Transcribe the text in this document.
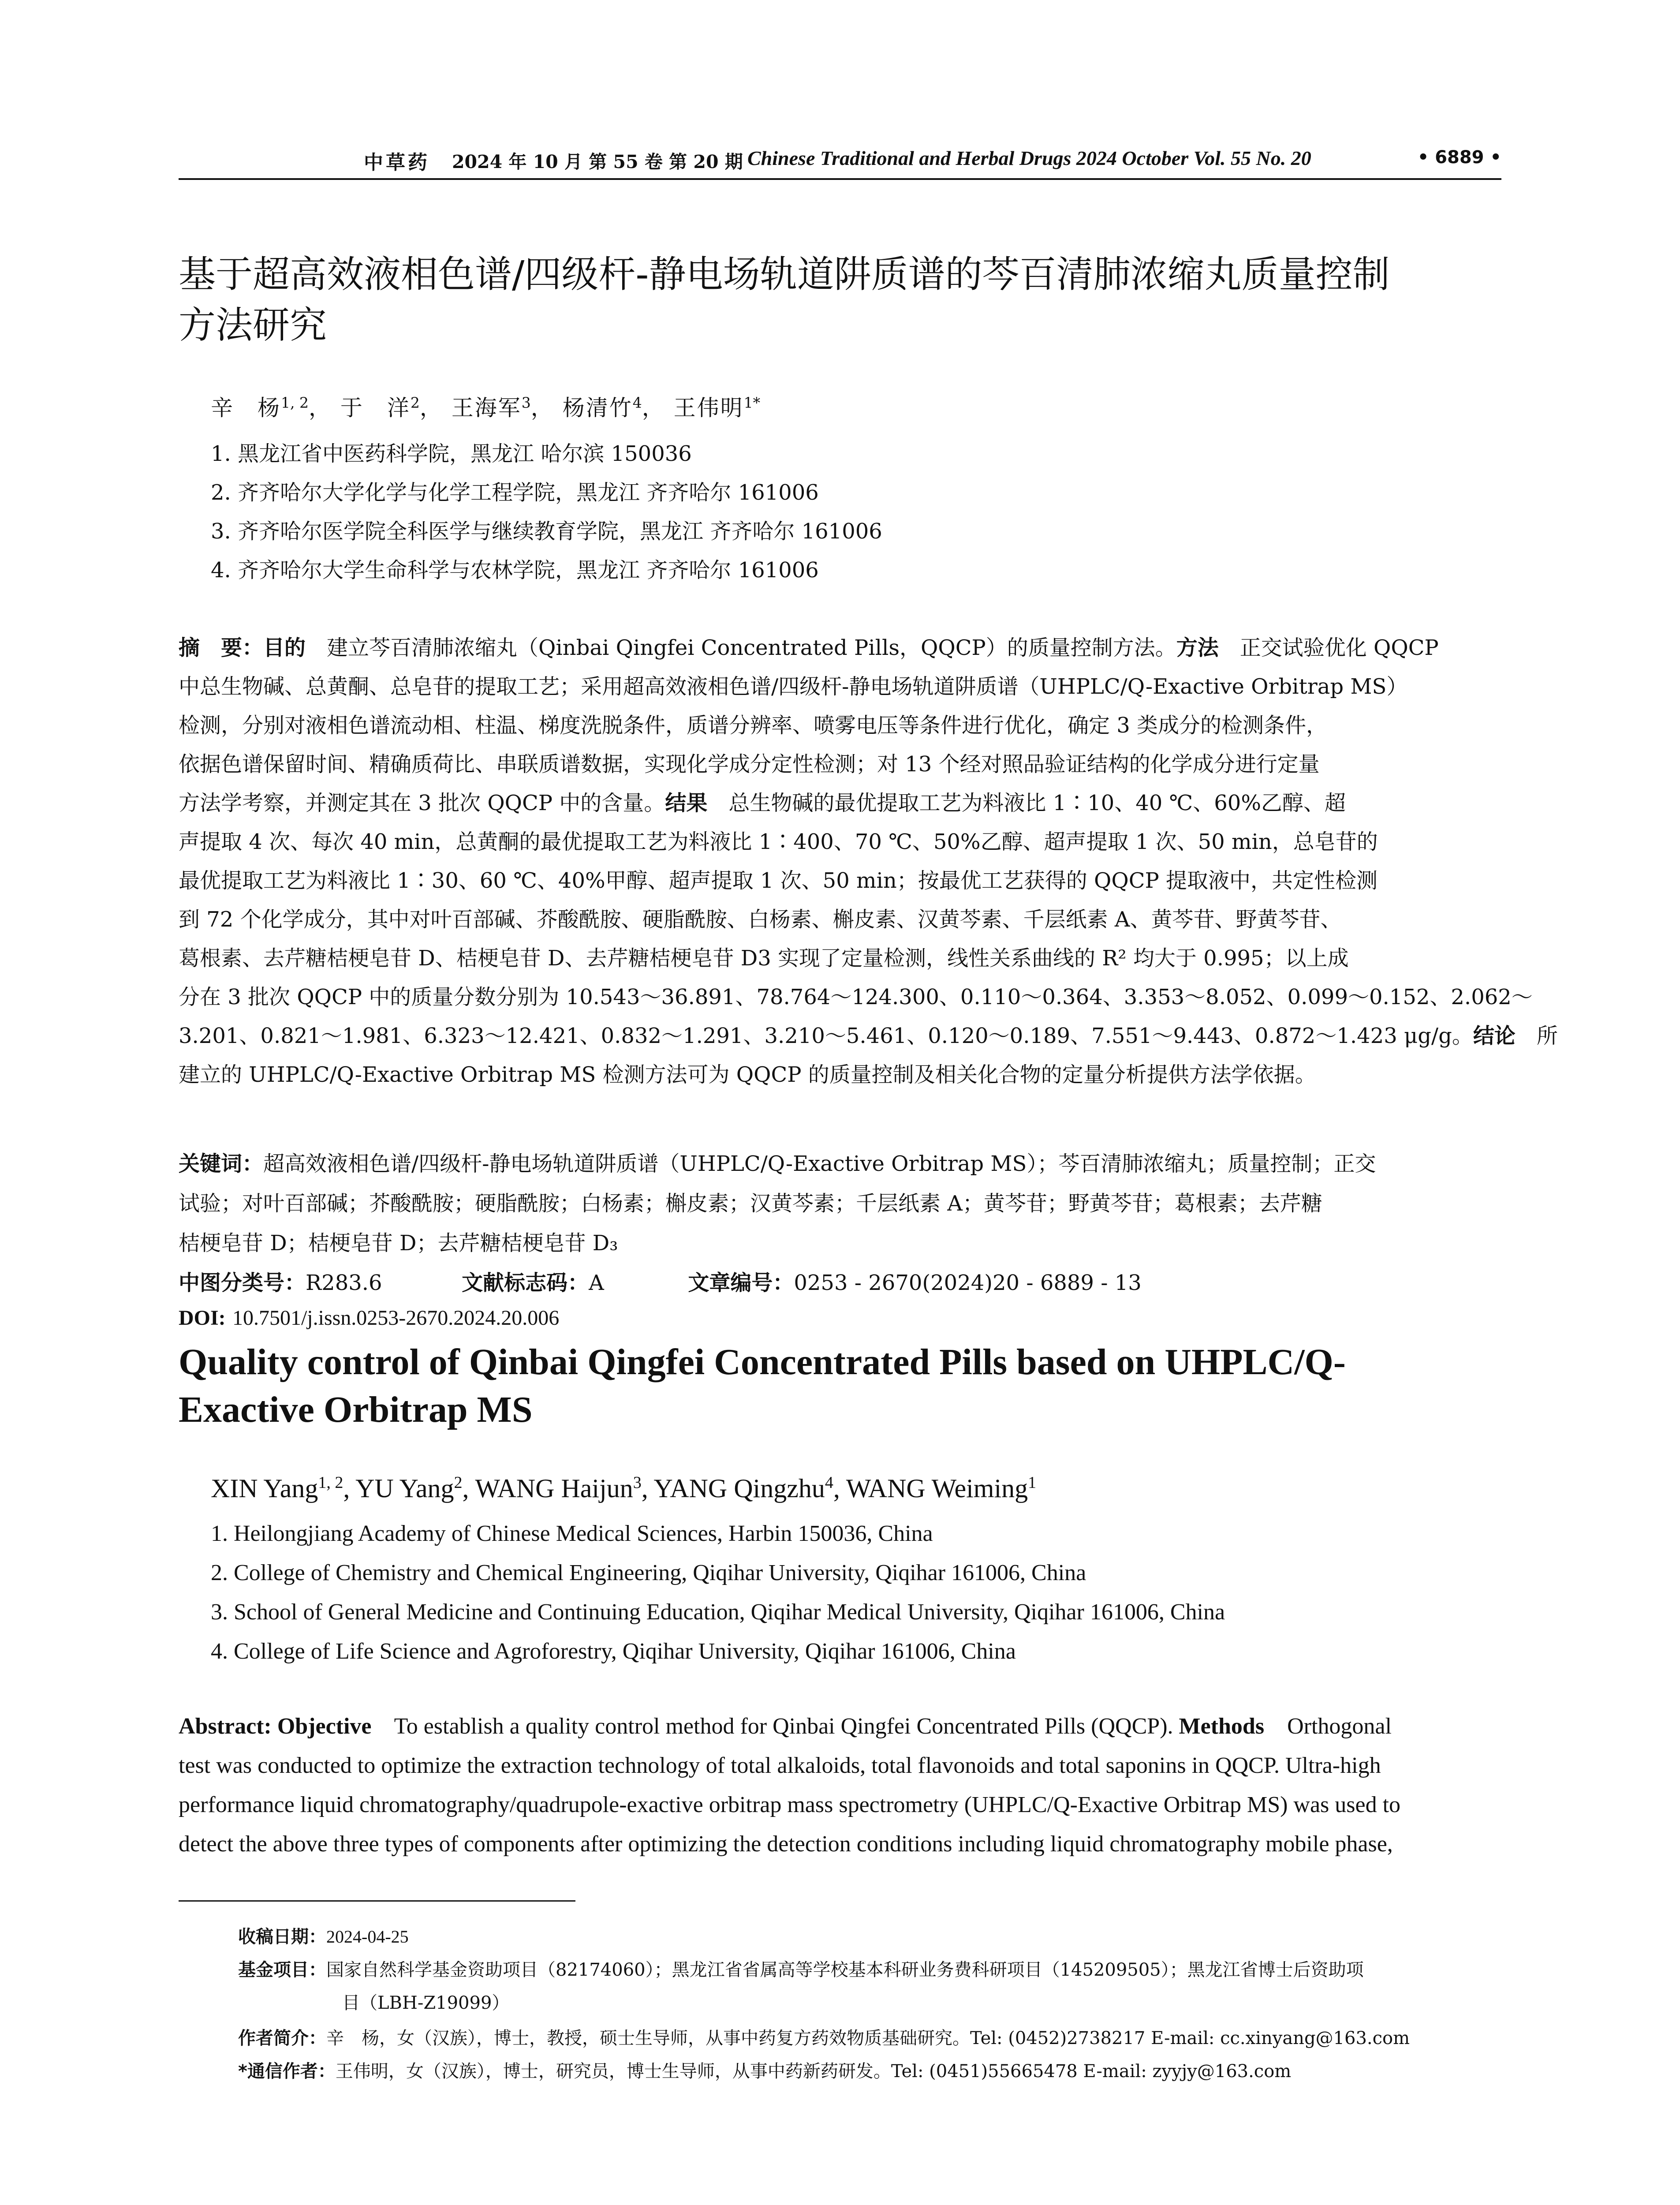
中草药 2024 年 10 月 第 55 卷 第 20 期 Chinese Traditional and Herbal Drugs 2024 October Vol. 55 No. 20	• 6889 •
基于超高效液相色谱/四级杆-静电场轨道阱质谱的芩百清肺浓缩丸质量控制
方法研究
辛　杨$^{1, 2}$， 于　洋$^2$， 王海军$^3$， 杨清竹$^4$， 王伟明$^{1*}$
1. 黑龙江省中医药科学院，黑龙江 哈尔滨 150036
2. 齐齐哈尔大学化学与化学工程学院，黑龙江 齐齐哈尔 161006
3. 齐齐哈尔医学院全科医学与继续教育学院，黑龙江 齐齐哈尔 161006
4. 齐齐哈尔大学生命科学与农林学院，黑龙江 齐齐哈尔 161006
摘　要：目的　建立芩百清肺浓缩丸（Qinbai Qingfei Concentrated Pills，QQCP）的质量控制方法。方法　正交试验优化 QQCP
中总生物碱、总黄酮、总皂苷的提取工艺；采用超高效液相色谱/四级杆-静电场轨道阱质谱（UHPLC/Q-Exactive Orbitrap MS）
检测，分别对液相色谱流动相、柱温、梯度洗脱条件，质谱分辨率、喷雾电压等条件进行优化，确定 3 类成分的检测条件，
依据色谱保留时间、精确质荷比、串联质谱数据，实现化学成分定性检测；对 13 个经对照品验证结构的化学成分进行定量
方法学考察，并测定其在 3 批次 QQCP 中的含量。结果　总生物碱的最优提取工艺为料液比 1∶10、40 ℃、60%乙醇、超
声提取 4 次、每次 40 min，总黄酮的最优提取工艺为料液比 1∶400、70 ℃、50%乙醇、超声提取 1 次、50 min，总皂苷的
最优提取工艺为料液比 1∶30、60 ℃、40%甲醇、超声提取 1 次、50 min；按最优工艺获得的 QQCP 提取液中，共定性检测
到 72 个化学成分，其中对叶百部碱、芥酸酰胺、硬脂酰胺、白杨素、槲皮素、汉黄芩素、千层纸素 A、黄芩苷、野黄芩苷、
葛根素、去芹糖桔梗皂苷 D、桔梗皂苷 D、去芹糖桔梗皂苷 D3 实现了定量检测，线性关系曲线的 R² 均大于 0.995；以上成
分在 3 批次 QQCP 中的质量分数分别为 10.543～36.891、78.764～124.300、0.110～0.364、3.353～8.052、0.099～0.152、2.062～
3.201、0.821～1.981、6.323～12.421、0.832～1.291、3.210～5.461、0.120～0.189、7.551～9.443、0.872～1.423 μg/g。结论　所
建立的 UHPLC/Q-Exactive Orbitrap MS 检测方法可为 QQCP 的质量控制及相关化合物的定量分析提供方法学依据。
关键词：超高效液相色谱/四级杆-静电场轨道阱质谱（UHPLC/Q-Exactive Orbitrap MS）；芩百清肺浓缩丸；质量控制；正交
试验；对叶百部碱；芥酸酰胺；硬脂酰胺；白杨素；槲皮素；汉黄芩素；千层纸素 A；黄芩苷；野黄芩苷；葛根素；去芹糖
桔梗皂苷 D；桔梗皂苷 D；去芹糖桔梗皂苷 D₃
中图分类号：R283.6	文献标志码：A	文章编号：0253 - 2670(2024)20 - 6889 - 13
DOI: 10.7501/j.issn.0253-2670.2024.20.006
Quality control of Qinbai Qingfei Concentrated Pills based on UHPLC/Q-
Exactive Orbitrap MS
XIN Yang$^{1, 2}$, YU Yang$^2$, WANG Haijun$^3$, YANG Qingzhu$^4$, WANG Weiming$^1$
1. Heilongjiang Academy of Chinese Medical Sciences, Harbin 150036, China
2. College of Chemistry and Chemical Engineering, Qiqihar University, Qiqihar 161006, China
3. School of General Medicine and Continuing Education, Qiqihar Medical University, Qiqihar 161006, China
4. College of Life Science and Agroforestry, Qiqihar University, Qiqihar 161006, China
Abstract: Objective    To establish a quality control method for Qinbai Qingfei Concentrated Pills (QQCP). Methods    Orthogonal
test was conducted to optimize the extraction technology of total alkaloids, total flavonoids and total saponins in QQCP. Ultra-high
performance liquid chromatography/quadrupole-exactive orbitrap mass spectrometry (UHPLC/Q-Exactive Orbitrap MS) was used to
detect the above three types of components after optimizing the detection conditions including liquid chromatography mobile phase,
收稿日期：2024-04-25
基金项目：国家自然科学基金资助项目（82174060）；黑龙江省省属高等学校基本科研业务费科研项目（145209505）；黑龙江省博士后资助项
目（LBH-Z19099）
作者简介：辛　杨，女（汉族），博士，教授，硕士生导师，从事中药复方药效物质基础研究。Tel: (0452)2738217 E-mail: cc.xinyang@163.com
*通信作者：王伟明，女（汉族），博士，研究员，博士生导师，从事中药新药研发。Tel: (0451)55665478 E-mail: zyyjy@163.com
